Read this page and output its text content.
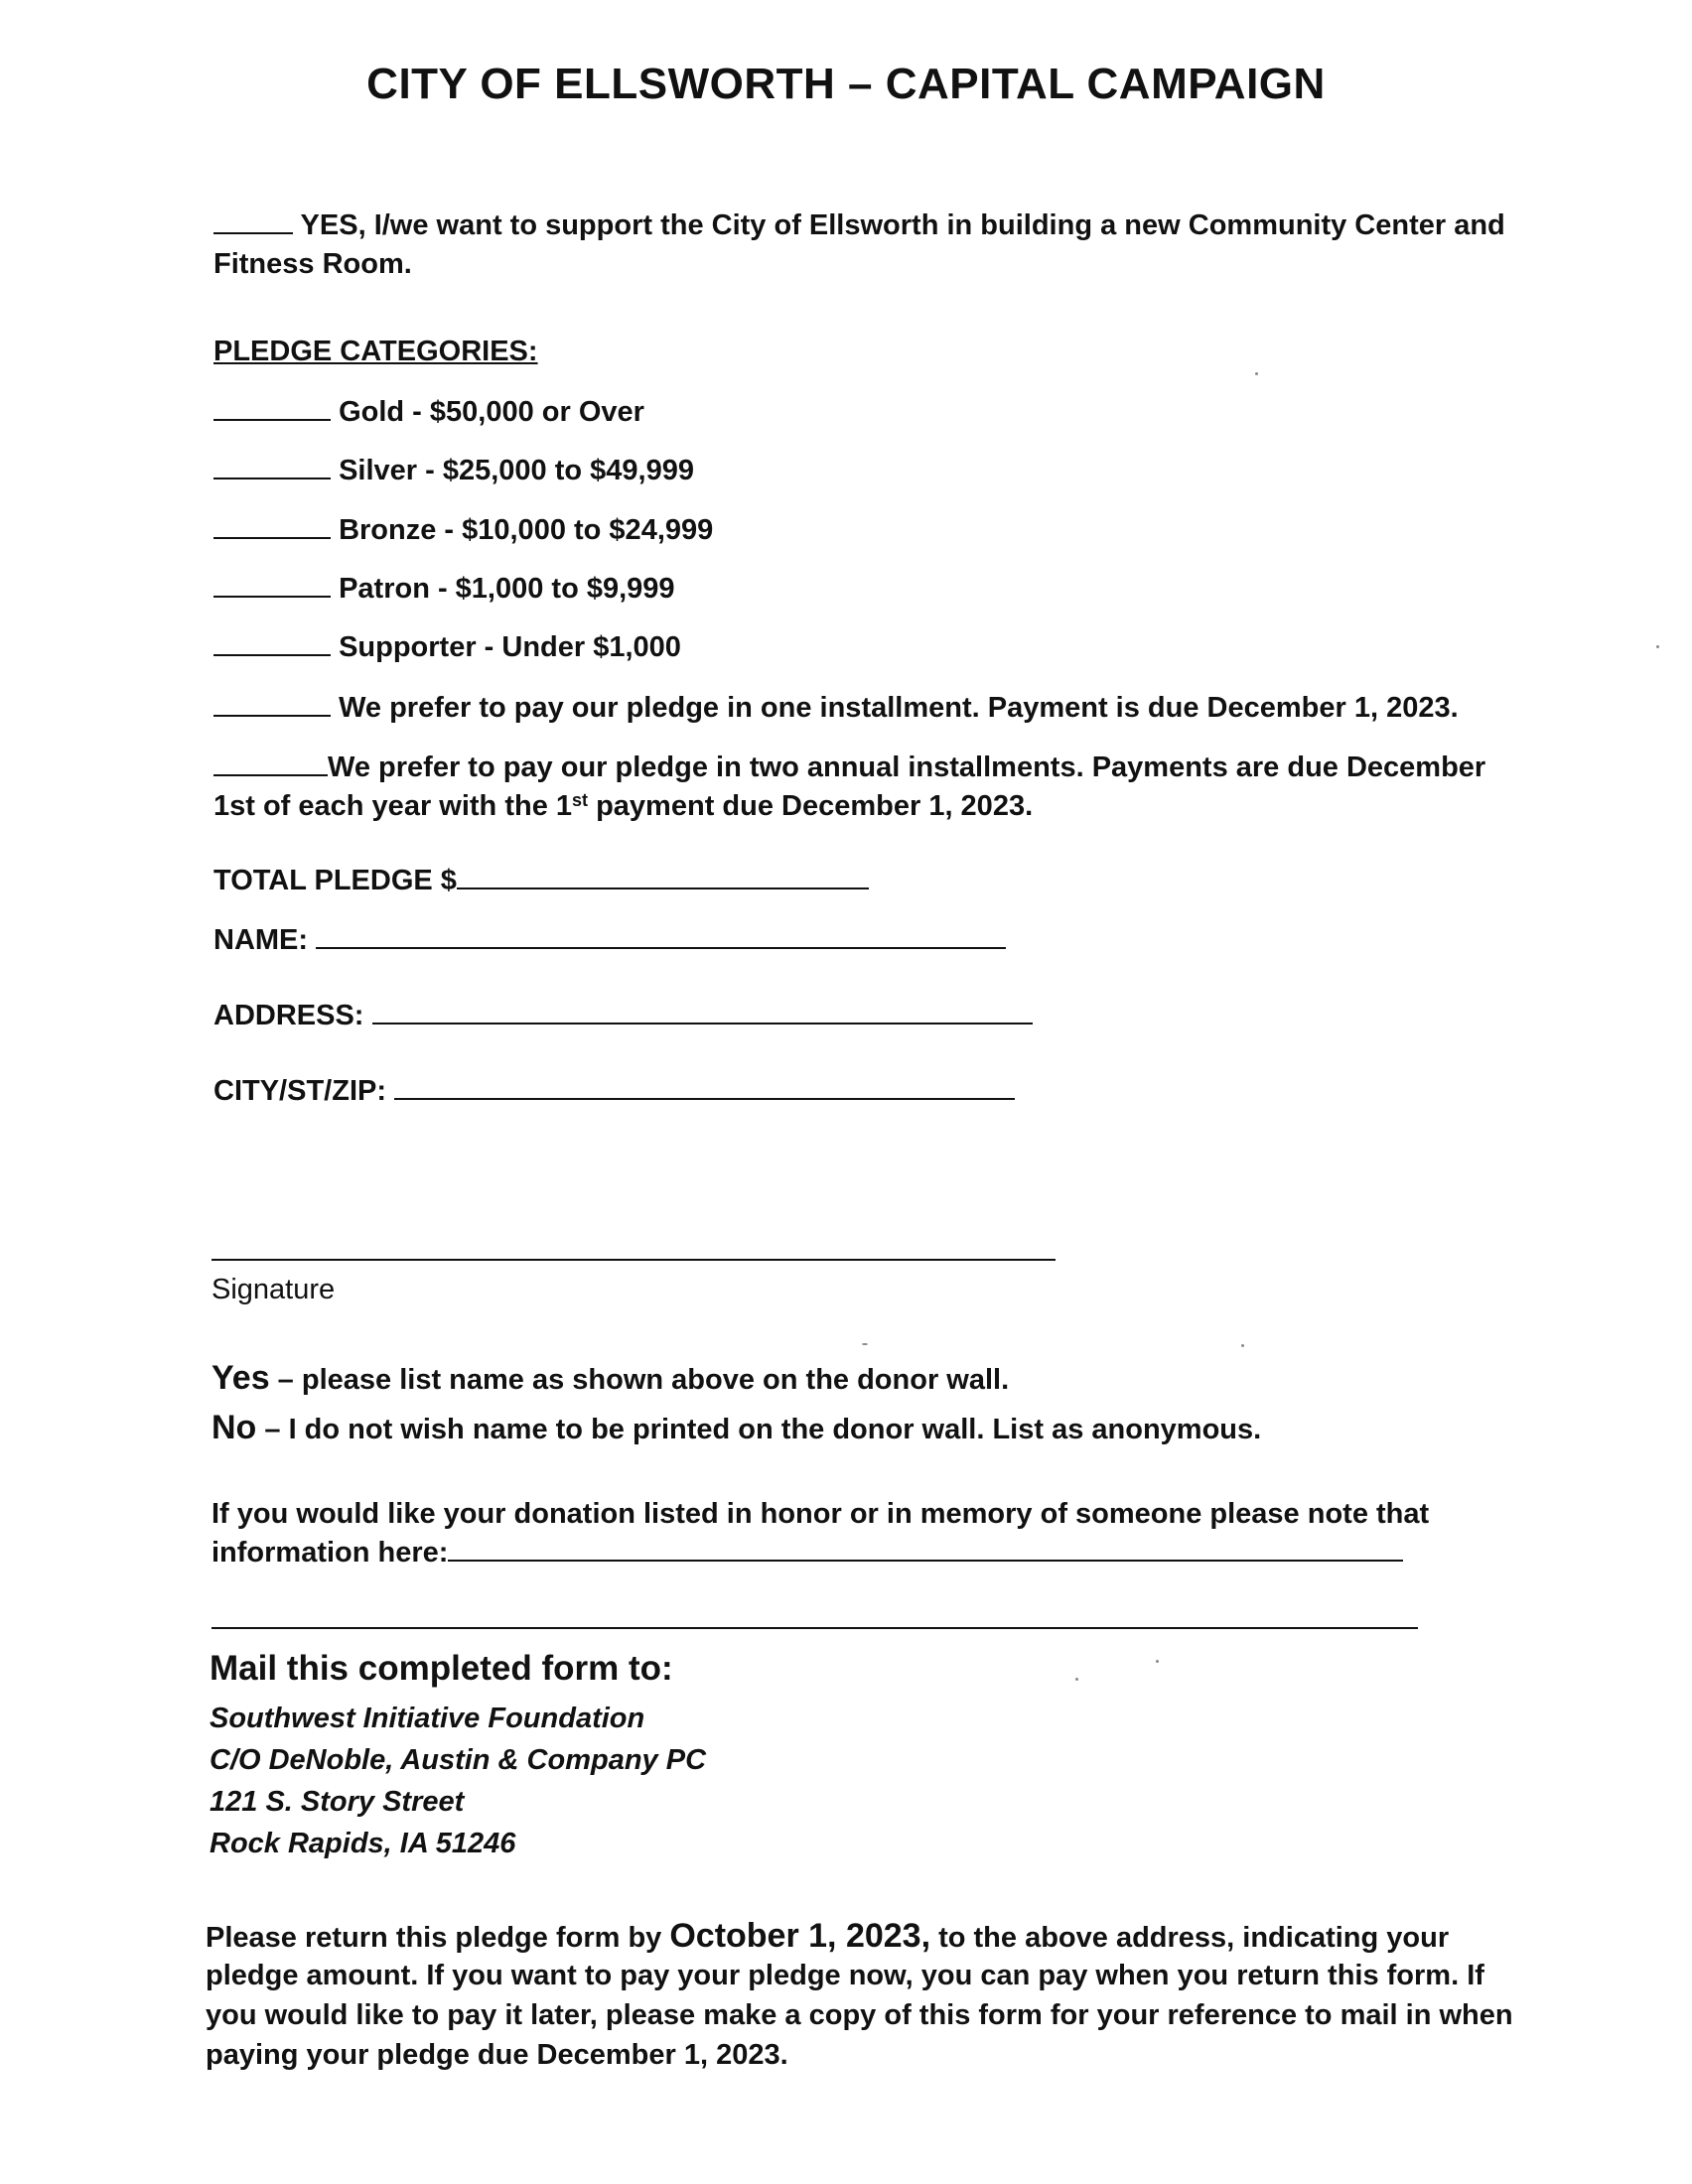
CITY OF ELLSWORTH – CAPITAL CAMPAIGN
YES, I/we want to support the City of Ellsworth in building a new Community Center and
Fitness Room.
PLEDGE CATEGORIES:
Gold - $50,000 or Over
Silver - $25,000 to $49,999
Bronze - $10,000 to $24,999
Patron - $1,000 to $9,999
Supporter - Under $1,000
We prefer to pay our pledge in one installment. Payment is due December 1, 2023.
We prefer to pay our pledge in two annual installments. Payments are due December
1st of each year with the 1st payment due December 1, 2023.
TOTAL PLEDGE $
NAME:
ADDRESS:
CITY/ST/ZIP:
Signature
Yes – please list name as shown above on the donor wall.
No – I do not wish name to be printed on the donor wall. List as anonymous.
If you would like your donation listed in honor or in memory of someone please note that
information here:
Mail this completed form to:
Southwest Initiative Foundation
C/O DeNoble, Austin & Company PC
121 S. Story Street
Rock Rapids, IA 51246
Please return this pledge form by October 1, 2023, to the above address, indicating your
pledge amount. If you want to pay your pledge now, you can pay when you return this form. If
you would like to pay it later, please make a copy of this form for your reference to mail in when
paying your pledge due December 1, 2023.
